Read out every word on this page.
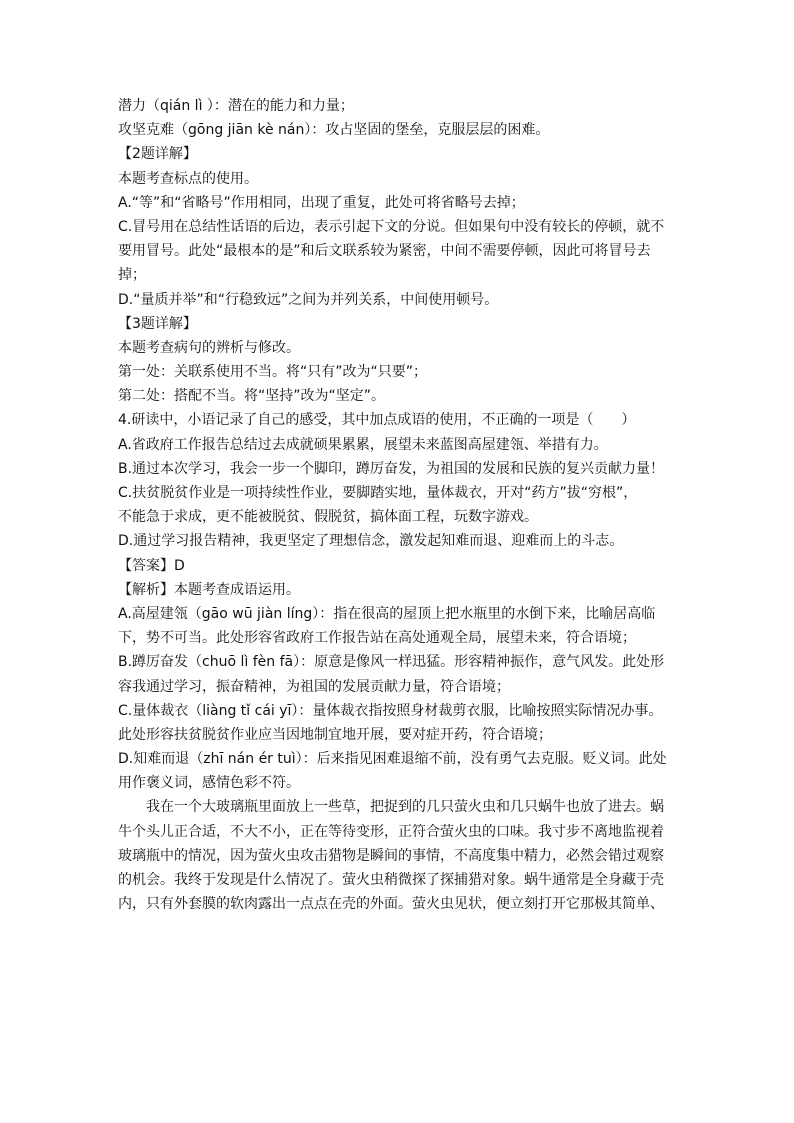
潜力（qián lì ）：潜在的能力和力量；
攻坚克难（gōng jiān kè nán）：攻占坚固的堡垒，克服层层的困难。
【2题详解】
本题考查标点的使用。
A.“等”和“省略号”作用相同，出现了重复，此处可将省略号去掉；
C.冒号用在总结性话语的后边，表示引起下文的分说。但如果句中没有较长的停顿，就不
要用冒号。此处“最根本的是”和后文联系较为紧密，中间不需要停顿，因此可将冒号去
掉；
D.“量质并举”和“行稳致远”之间为并列关系，中间使用顿号。
【3题详解】
本题考查病句的辨析与修改。
第一处：关联系使用不当。将“只有”改为“只要”；
第二处：搭配不当。将“坚持”改为“坚定”。
4.研读中，小语记录了自己的感受，其中加点成语的使用，不正确的一项是（　　）
A.省政府工作报告总结过去成就硕果累累，展望未来蓝图高屋建瓴、举措有力。
B.通过本次学习，我会一步一个脚印，蹲厉奋发，为祖国的发展和民族的复兴贡献力量！
C.扶贫脱贫作业是一项持续性作业，要脚踏实地，量体裁衣，开对“药方”拔“穷根”，
不能急于求成，更不能被脱贫、假脱贫，搞体面工程，玩数字游戏。
D.通过学习报告精神，我更坚定了理想信念，激发起知难而退、迎难而上的斗志。
【答案】D
【解析】本题考查成语运用。
A.高屋建瓴（gāo wū jiàn líng）：指在很高的屋顶上把水瓶里的水倒下来，比喻居高临
下，势不可当。此处形容省政府工作报告站在高处通观全局，展望未来，符合语境；
B.蹲厉奋发（chuō lì fèn fā）：原意是像风一样迅猛。形容精神振作，意气风发。此处形
容我通过学习，振奋精神，为祖国的发展贡献力量，符合语境；
C.量体裁衣（liàng tǐ cái yī）：量体裁衣指按照身材裁剪衣服，比喻按照实际情况办事。
此处形容扶贫脱贫作业应当因地制宜地开展，要对症开药，符合语境；
D.知难而退（zhī nán ér tuì）：后来指见困难退缩不前，没有勇气去克服。贬义词。此处
用作褒义词，感情色彩不符。
我在一个大玻璃瓶里面放上一些草，把捉到的几只萤火虫和几只蜗牛也放了进去。蜗
牛个头儿正合适，不大不小，正在等待变形，正符合萤火虫的口味。我寸步不离地监视着
玻璃瓶中的情况，因为萤火虫攻击猎物是瞬间的事情，不高度集中精力，必然会错过观察
的机会。我终于发现是什么情况了。萤火虫稍微探了探捕猎对象。蜗牛通常是全身藏于壳
内，只有外套膜的软肉露出一点点在壳的外面。萤火虫见状，便立刻打开它那极其简单、
